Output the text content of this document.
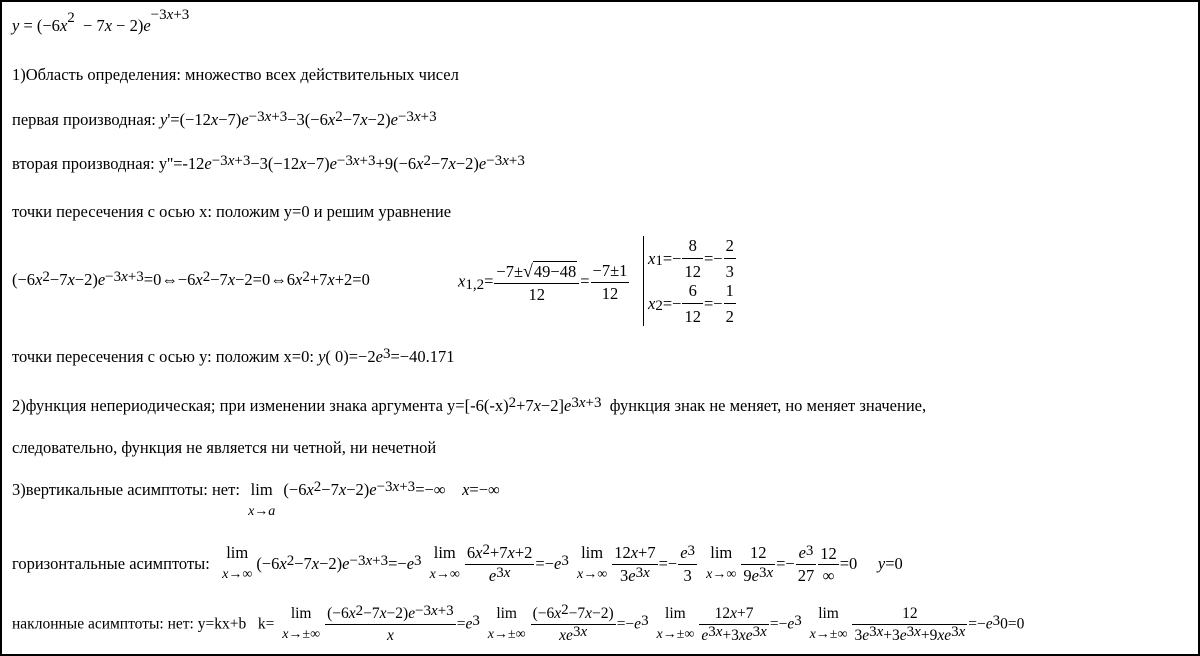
$y = (-6x^2 - 7x - 2)e^{-3x+3}$
1)Область определения: множество всех действительных чисел
первая производная: $y'=(-12x-7)e^{-3x+3}-3(-6x^2-7x-2)e^{-3x+3}$
вторая производная: $у''=-12e^{-3x+3}-3(-12x-7)e^{-3x+3}+9(-6x^2-7x-2)e^{-3x+3}$
точки пересечения с осью x: положим y=0 и решим уравнение
$(-6x^2-7x-2)e^{-3x+3}=0\Leftrightarrow-6x^2-7x-2=0\Leftrightarrow 6x^2+7x+2=0$	$x_{1,2}= \frac{-7\pm√49-48}{12} = \frac{-7\pm 1}{12}$
$x_1 =- \frac{8}{12} =- \frac{2}{3}$
$x_2 =- \frac{6}{12} =- \frac{1}{2}$
точки пересечения с осью у: положим x=0: y( $0)=-2e^3=-40.171$
2)функция непериодическая; при изменении знака аргумента $у=[-6(-x)^2+7x-2]e^{3x+3}$ функция знак не меняет, но меняет значение,
следовательно, функция не является ни четной, ни нечетной
3)вертикальные асимптоты: нет: lim
x→a
$(-6x^2-7x-2)e^{-3x+3}=-\infty$    x=−∞
горизонтальные асимптоты:
lim
x→∞
$(-6x^2-7x-2)e^{-3x+3}=-e^3$ lim
$x\to\infty \frac{6x^2+7x+2}{e^{3x}} =-e^3$ lim
$x\to\infty \frac{12x+7}{3e^{3x}} =- \frac{e^3}{3}$
lim
$x\to\infty \frac{12}{9e^{3x}} =- \frac{e^3}{27} \frac{12}{\infty} =0$     y=0
наклонные асимптоты: нет: y=kx+b   k=
lim
$x\to\pm\infty \frac{(-6x^2-7x-2)e^{-3x+3}}{x} =e^3$	lim
$x\to\pm\infty \frac{(-6x^2-7x-2)}{xe^{3x}} =-e^3$	lim
$x\to\pm\infty \frac{12x+7}{e^{3x}+3xe^{3x}} =-e^3$	lim
$x\to\pm\infty \frac{12}{3e^{3x}+3e^{3x}+9xe^{3x}} =-e^30=0$
